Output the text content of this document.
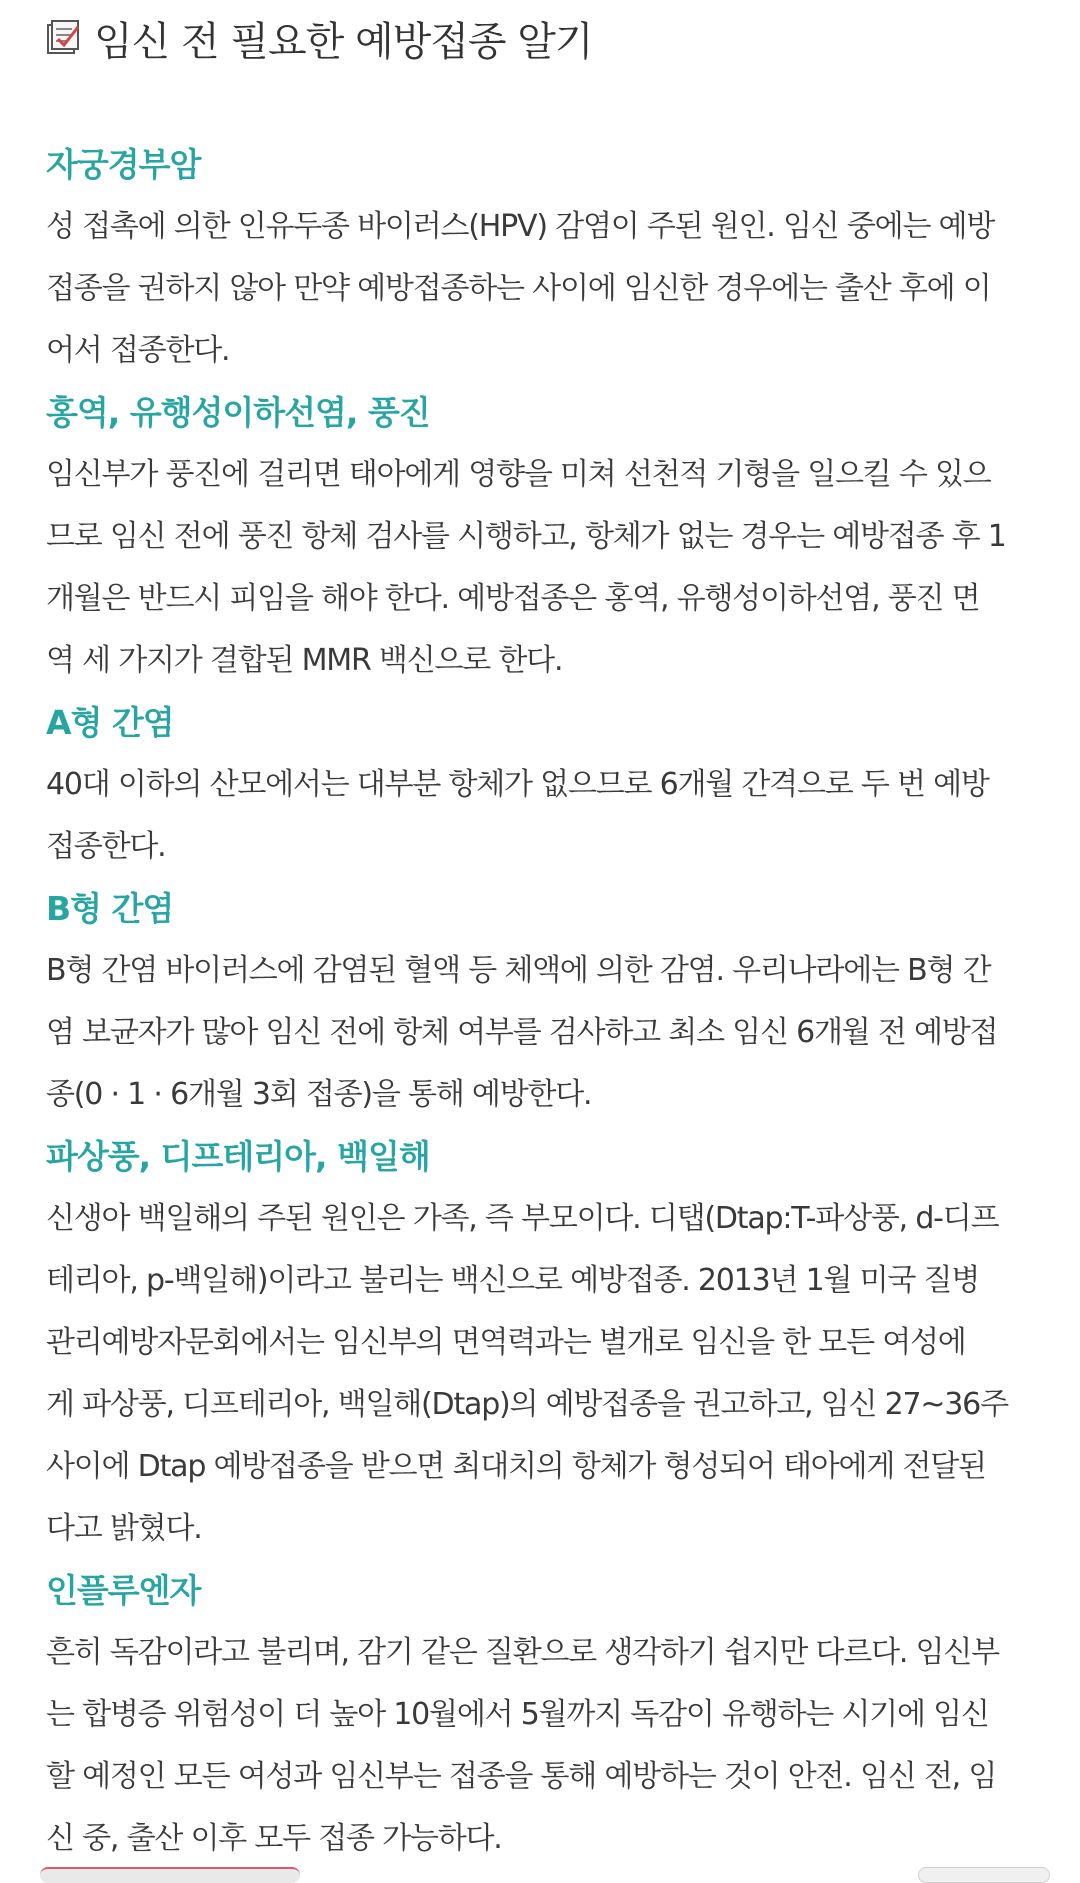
임신 전 필요한 예방접종 알기
자궁경부암
성 접촉에 의한 인유두종 바이러스(HPV) 감염이 주된 원인. 임신 중에는 예방
접종을 권하지 않아 만약 예방접종하는 사이에 임신한 경우에는 출산 후에 이
어서 접종한다.
홍역, 유행성이하선염, 풍진
임신부가 풍진에 걸리면 태아에게 영향을 미쳐 선천적 기형을 일으킬 수 있으
므로 임신 전에 풍진 항체 검사를 시행하고, 항체가 없는 경우는 예방접종 후 1
개월은 반드시 피임을 해야 한다. 예방접종은 홍역, 유행성이하선염, 풍진 면
역 세 가지가 결합된 MMR 백신으로 한다.
A형 간염
40대 이하의 산모에서는 대부분 항체가 없으므로 6개월 간격으로 두 번 예방
접종한다.
B형 간염
B형 간염 바이러스에 감염된 혈액 등 체액에 의한 감염. 우리나라에는 B형 간
염 보균자가 많아 임신 전에 항체 여부를 검사하고 최소 임신 6개월 전 예방접
종(0 · 1 · 6개월 3회 접종)을 통해 예방한다.
파상풍, 디프테리아, 백일해
신생아 백일해의 주된 원인은 가족, 즉 부모이다. 디탭(Dtap:T-파상풍, d-디프
테리아, p-백일해)이라고 불리는 백신으로 예방접종. 2013년 1월 미국 질병
관리예방자문회에서는 임신부의 면역력과는 별개로 임신을 한 모든 여성에
게 파상풍, 디프테리아, 백일해(Dtap)의 예방접종을 권고하고, 임신 27~36주
사이에 Dtap 예방접종을 받으면 최대치의 항체가 형성되어 태아에게 전달된
다고 밝혔다.
인플루엔자
흔히 독감이라고 불리며, 감기 같은 질환으로 생각하기 쉽지만 다르다. 임신부
는 합병증 위험성이 더 높아 10월에서 5월까지 독감이 유행하는 시기에 임신
할 예정인 모든 여성과 임신부는 접종을 통해 예방하는 것이 안전. 임신 전, 임
신 중, 출산 이후 모두 접종 가능하다.
